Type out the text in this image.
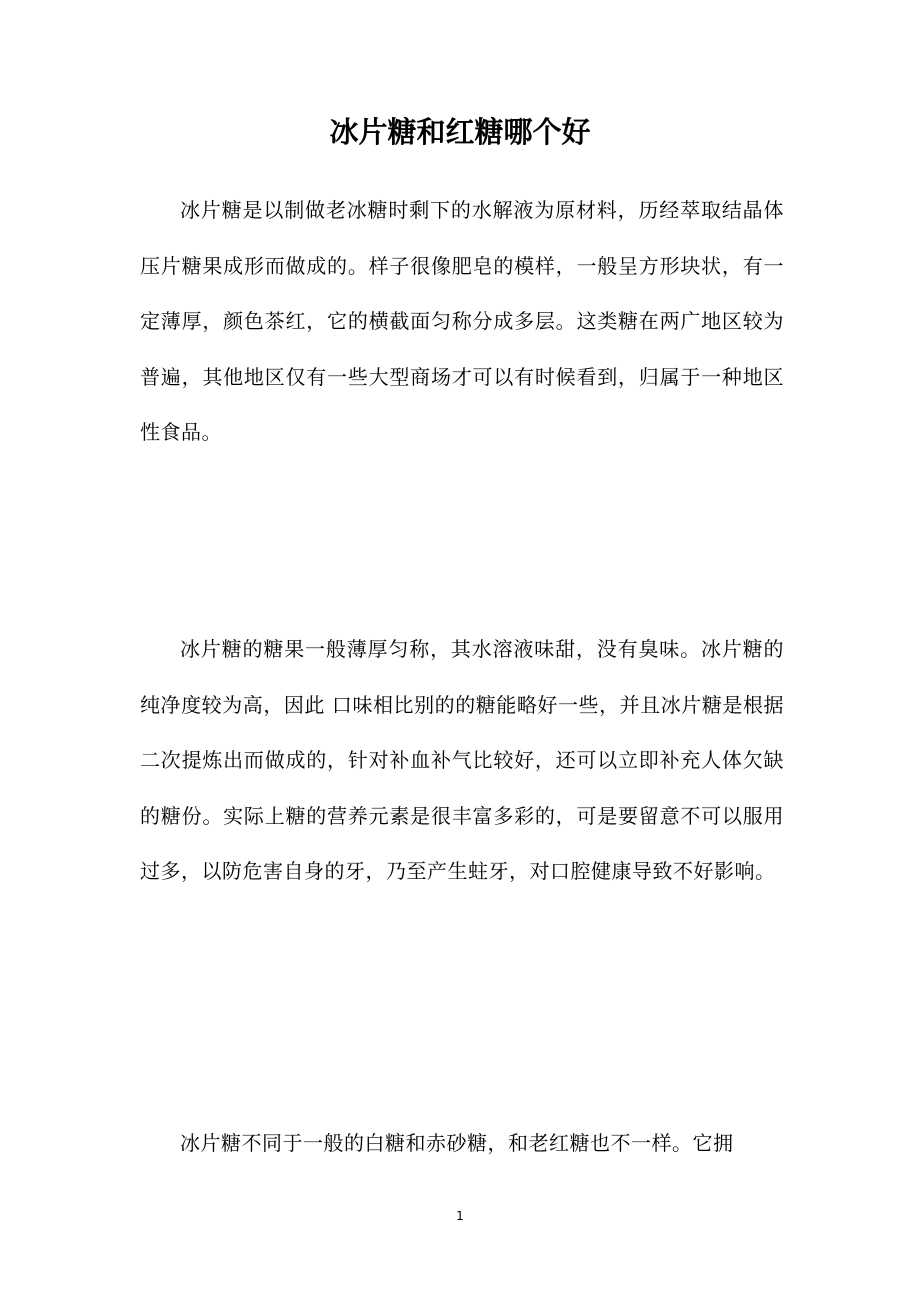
冰片糖和红糖哪个好

冰片糖是以制做老冰糖时剩下的水解液为原材料，历经萃取结晶体压片糖果成形而做成的。样子很像肥皂的模样，一般呈方形块状，有一定薄厚，颜色茶红，它的横截面匀称分成多层。这类糖在两广地区较为普遍，其他地区仅有一些大型商场才可以有时候看到，归属于一种地区性食品。

冰片糖的糖果一般薄厚匀称，其水溶液味甜，没有臭味。冰片糖的纯净度较为高，因此 口味相比别的的糖能略好一些，并且冰片糖是根据二次提炼出而做成的，针对补血补气比较好，还可以立即补充人体欠缺的糖份。实际上糖的营养元素是很丰富多彩的，可是要留意不可以服用过多，以防危害自身的牙，乃至产生蛀牙，对口腔健康导致不好影响。

冰片糖不同于一般的白糖和赤砂糖，和老红糖也不一样。它拥

1
